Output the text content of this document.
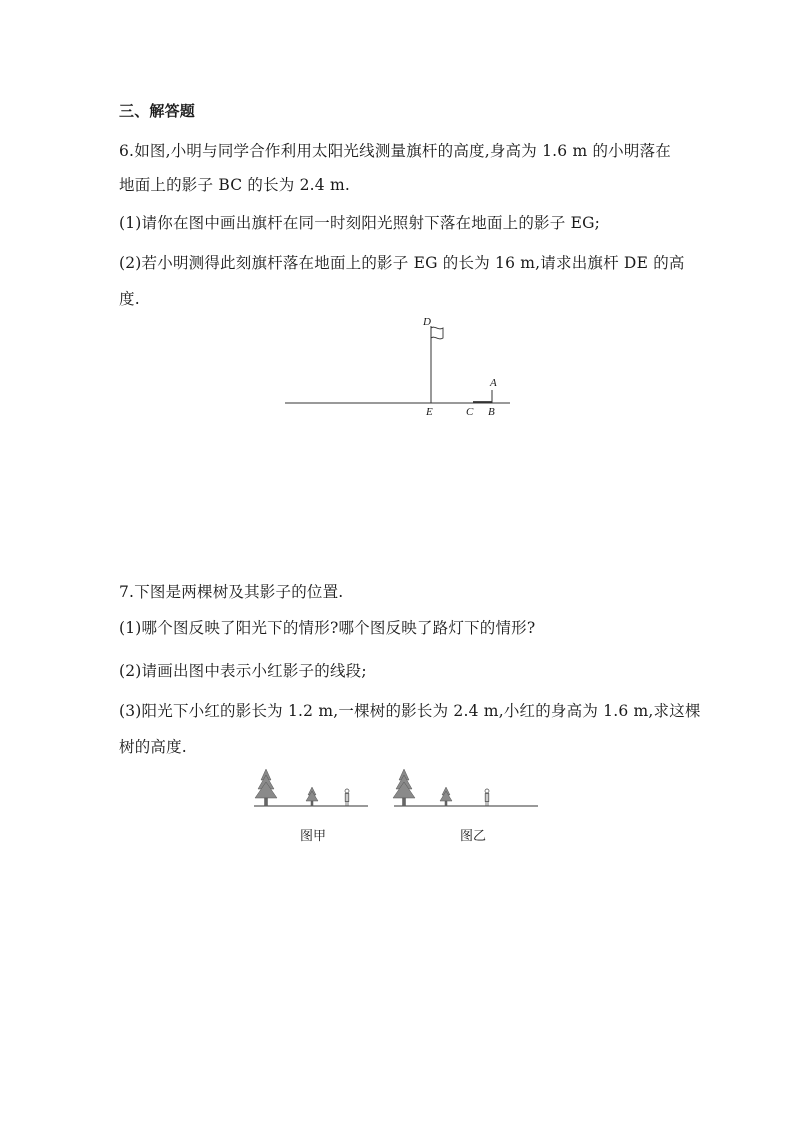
三、解答题
6.如图,小明与同学合作利用太阳光线测量旗杆的高度,身高为 1.6 m 的小明落在
地面上的影子 BC 的长为 2.4 m.
(1)请你在图中画出旗杆在同一时刻阳光照射下落在地面上的影子 EG;
(2)若小明测得此刻旗杆落在地面上的影子 EG 的长为 16 m,请求出旗杆 DE 的高
度.
D
A
E	C B
7.下图是两棵树及其影子的位置.
(1)哪个图反映了阳光下的情形?哪个图反映了路灯下的情形?
(2)请画出图中表示小红影子的线段;
(3)阳光下小红的影长为 1.2 m,一棵树的影长为 2.4 m,小红的身高为 1.6 m,求这棵
树的高度.
图甲	图乙
